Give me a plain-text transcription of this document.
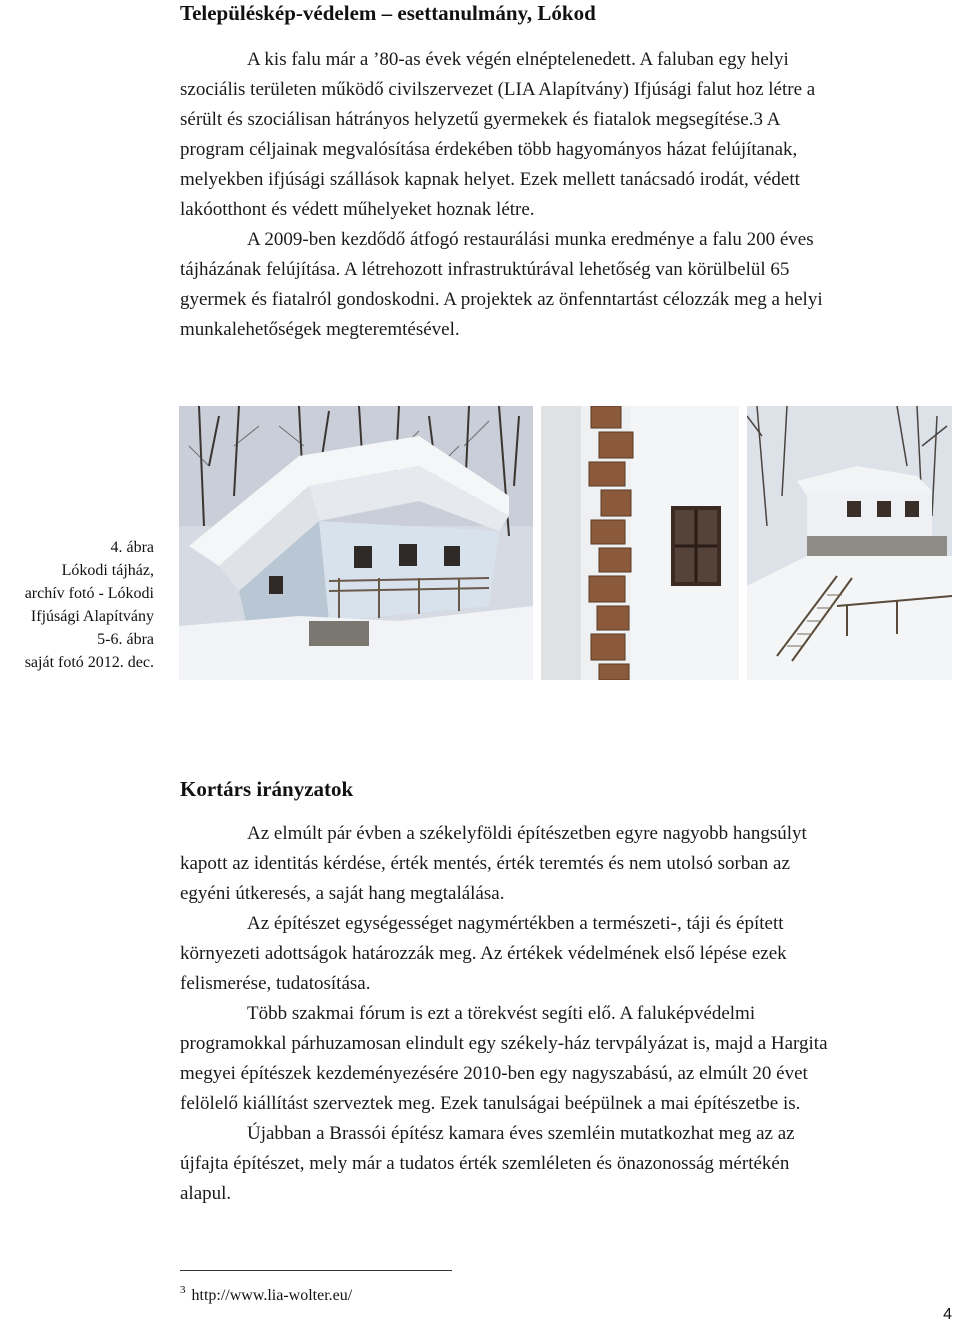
Településkép-védelem – esettanulmány, Lókod

A kis falu már a ’80-as évek végén elnéptelenedett. A faluban egy helyi

szociális területen működő civilszervezet (LIA Alapítvány) Ifjúsági falut hoz létre a

sérült és szociálisan hátrányos helyzetű gyermekek és fiatalok megsegítése.3 A

program céljainak megvalósítása érdekében több hagyományos házat felújítanak,

melyekben ifjúsági szállások kapnak helyet. Ezek mellett tanácsadó irodát, védett

lakóotthont és védett műhelyeket hoznak létre.

A 2009-ben kezdődő átfogó restaurálási munka eredménye a falu 200 éves

tájházának felújítása. A létrehozott infrastruktúrával lehetőség van körülbelül 65

gyermek és fiatalról gondoskodni. A projektek az önfenntartást célozzák meg a helyi

munkalehetőségek megteremtésével.

4. ábra
Lókodi tájház,
archív fotó - Lókodi
Ifjúsági Alapítvány
5-6. ábra
saját fotó 2012. dec.
Kortárs irányzatok

Az elmúlt pár évben a székelyföldi építészetben egyre nagyobb hangsúlyt

kapott az identitás kérdése, érték mentés, érték teremtés és nem utolsó sorban az

egyéni útkeresés, a saját hang megtalálása.

Az építészet egységességet nagymértékben a természeti-, táji és épített

környezeti adottságok határozzák meg. Az értékek védelmének első lépése ezek

felismerése, tudatosítása.

Több szakmai fórum is ezt a törekvést segíti elő. A faluképvédelmi

programokkal párhuzamosan elindult egy székely-ház tervpályázat is, majd a Hargita

megyei építészek kezdeményezésére 2010-ben egy nagyszabású, az elmúlt 20 évet

felölelő kiállítást szerveztek meg. Ezek tanulságai beépülnek a mai építészetbe is.

Újabban a Brassói építész kamara éves szemléin mutatkozhat meg az az

újfajta építészet, mely már a tudatos érték szemléleten és önazonosság mértékén

alapul.

$^3$ http://www.lia-wolter.eu/
4
